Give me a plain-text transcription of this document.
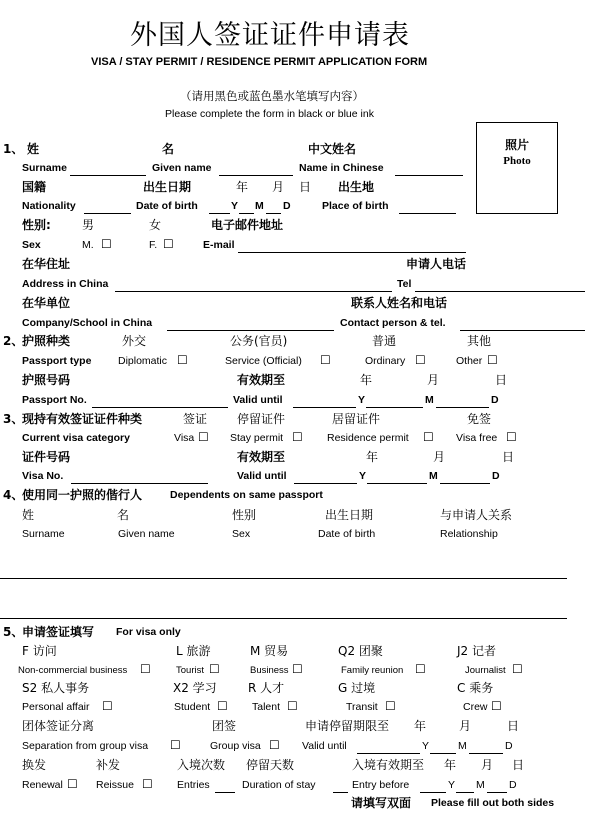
外国人签证证件申请表
VISA / STAY PERMIT / RESIDENCE PERMIT APPLICATION FORM
（请用黑色或蓝色墨水笔填写内容）
Please complete the form in black or blue ink
照片
Photo
1、 姓	名	中文姓名
Surname	Given name	Name in Chinese
国籍	出生日期	年 月 日 出生地
Nationality	Date of birth	Y M D	Place of birth
性别:	男	女	电子邮件地址
Sex	M. ☐	F. ☐	E-mail
在华住址	申请人电话
Address in China	Tel
在华单位	联系人姓名和电话
Company/School in China	Contact person & tel.
2、
护照种类	外交	公务(官员)	普通	其他
Passport type	Diplomatic ☐	Service (Official) ☐	Ordinary ☐	Other ☐
护照号码	有效期至	年	月	日
Passport No.	Valid until	Y	M	D
3、
现持有效签证证件种类	签证 停留证件	居留证件	免签
Current visa category	Visa ☐ Stay permit ☐ Residence permit ☐ Visa free ☐
证件号码	有效期至	年	月	日
Visa No.	Valid until	Y	M	D
4、
使用同一护照的偕行人	Dependents on same passport
姓	名	性别	出生日期	与申请人关系
Surname	Given name	Sex	Date of birth	Relationship
5、
申请签证填写 For visa only
F 访问	L 旅游	M 贸易	Q2 团聚	J2 记者
Non-commercial business ☐	Tourist ☐	Business ☐	Family reunion ☐	Journalist ☐
S2 私人事务	X2 学习	R 人才	G 过境	C 乘务
Personal affair ☐	Student ☐ Talent ☐	Transit ☐	Crew ☐
团体签证分离	团签	申请停留期限至 年	月	日
Separation from group visa ☐	Group visa ☐ Valid until	Y	M	D
换发	补发	入境次数 停留天数	入境有效期至 年 月 日
Renewal ☐ Reissue ☐ Entries	Duration of stay	Entry before	Y M D
请填写双面 Please fill out both sides
